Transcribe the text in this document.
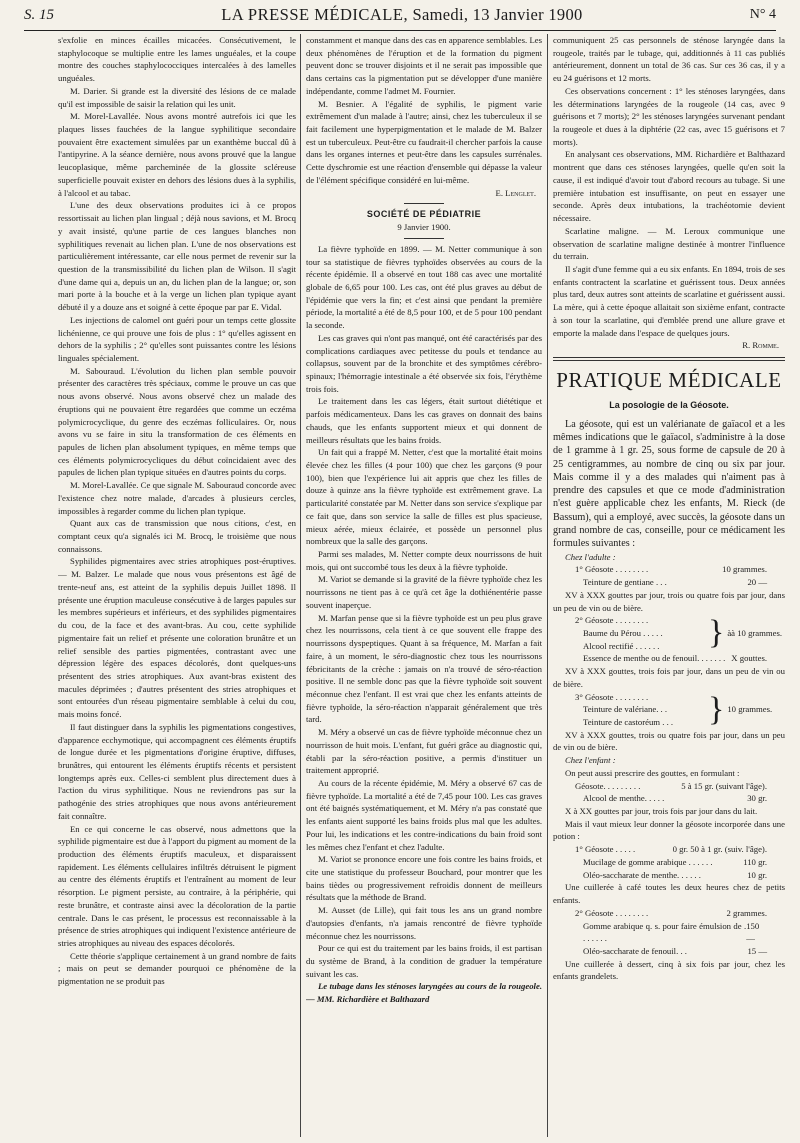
S. 15	LA PRESSE MÉDICALE, Samedi, 13 Janvier 1900	N° 4

s'exfolie en minces écailles micacées. Consécutivement, le staphylocoque se multiplie entre les lames unguéales, et la coupe montre des couches staphylococciques intercalées à des lamelles unguéales.

M. Darier. Si grande est la diversité des lésions de ce malade qu'il est impossible de saisir la relation qui les unit.

M. Morel-Lavallée. Nous avons montré autrefois ici que les plaques lisses fauchées de la langue syphilitique secondaire pouvaient être exactement simulées par un exanthème buccal dû à l'antipyrine. A la séance dernière, nous avons prouvé que la langue leucoplasique, même parcheminée de la glossite scléreuse superficielle pouvait exister en dehors des lésions dues à la syphilis, à l'alcool et au tabac.

L'une des deux observations produites ici à ce propos ressortissait au lichen plan lingual ; déjà nous savions, et M. Brocq y avait insisté, qu'une partie de ces langues blanches non syphilitiques revenait au lichen plan. L'une de nos observations est particulièrement intéressante, car elle nous permet de revenir sur la question de la transmissibilité du lichen plan de Wilson. Il s'agit d'une dame qui a, depuis un an, du lichen plan de la langue; or, son mari porte à la bouche et à la verge un lichen plan typique ayant débuté il y a douze ans et soigné à cette époque par par E. Vidal.

Les injections de calomel ont guéri pour un temps cette glossite lichénienne, ce qui prouve une fois de plus : 1° qu'elles agissent en dehors de la syphilis ; 2° qu'elles sont puissantes contre les lésions linguales spécialement.

M. Sabouraud. L'évolution du lichen plan semble pouvoir présenter des caractères très spéciaux, comme le prouve un cas que nous avons observé. Nous avons observé chez un malade des éruptions qui ne pouvaient être regardées que comme un eczéma polymicrocyclique, du genre des eczémas folliculaires. Or, nous avons vu se faire in situ la transformation de ces éléments en papules de lichen plan absolument typiques, en même temps que ces éléments polymicrocycliques du début coïncidaient avec des papules de lichen plan typique situées en d'autres points du corps.

M. Morel-Lavallée. Ce que signale M. Sabouraud concorde avec l'existence chez notre malade, d'arcades à plusieurs cercles, impossibles à regarder comme du lichen plan typique.

Quant aux cas de transmission que nous citions, c'est, en comptant ceux qu'a signalés ici M. Brocq, le troisième que nous connaissons.

Syphilides pigmentaires avec stries atrophiques post-éruptives. — M. Balzer. Le malade que nous vous présentons est âgé de trente-neuf ans, est atteint de la syphilis depuis Juillet 1898. Il présente une éruption maculeuse consécutive à de larges papules sur les membres supérieurs et inférieurs, et des syphilides pigmentaires du cou, de la face et des avant-bras. Au cou, cette syphilide pigmentaire fait un relief et présente une coloration brunâtre et un relief sensible des parties pigmentées, contrastant avec une dépression légère des espaces décolorés, dont quelques-uns présentent des stries atrophiques. Aux avant-bras existent des macules déprimées ; d'autres présentent des stries atrophiques et sont entourées d'un réseau pigmentaire semblable à celui du cou, mais moins foncé.

Il faut distinguer dans la syphilis les pigmentations congestives, d'apparence ecchymotique, qui accompagnent ces éléments éruptifs de longue durée et les pigmentations d'origine éruptive, diffuses, brunâtres, qui entourent les éléments éruptifs récents et persistent longtemps après eux. Celles-ci semblent plus directement dues à l'action du virus syphilitique. Nous ne reviendrons pas sur la pathogénie des stries atrophiques que nous avons antérieurement fait connaître.

En ce qui concerne le cas observé, nous admettons que la syphilide pigmentaire est due à l'apport du pigment au moment de la production des éléments éruptifs maculeux, et disparaissent rapidement. Les éléments cellulaires infiltrés détruisent le pigment au centre des éléments éruptifs et l'entraînent au moment de leur résorption. Le pigment persiste, au contraire, à la périphérie, qui reste brunâtre, et contraste ainsi avec la décoloration de la partie centrale. Dans le cas présent, le processus est reconnaissable à la présence de stries atrophiques qui indiquent l'existence antérieure de stries atrophiques au niveau des espaces décolorés.

Cette théorie s'applique certainement à un grand nombre de faits ; mais on peut se demander pourquoi ce phénomène de la pigmentation ne se produit pas

constamment et manque dans des cas en apparence semblables. Les deux phénomènes de l'éruption et de la formation du pigment peuvent donc se trouver disjoints et il ne serait pas impossible que dans certains cas la pigmentation put se développer d'une manière indépendante, comme l'admet M. Fournier.

M. Besnier. A l'égalité de syphilis, le pigment varie extrêmement d'un malade à l'autre; ainsi, chez les tuberculeux il se fait facilement une hyperpigmentation et le malade de M. Balzer est un tuberculeux. Peut-être cu faudrait-il chercher parfois la cause dans les organes internes et peut-être dans les capsules surrénales. Cette dyschromie est une réaction d'ensemble qui dépasse la valeur de l'élément spécifique considéré en lui-même.

E. Lenglet.

SOCIÉTÉ DE PÉDIATRIE

9 Janvier 1900.

La fièvre typhoïde en 1899. — M. Netter communique à son tour sa statistique de fièvres typhoïdes observées au cours de la récente épidémie. Il a observé en tout 188 cas avec une mortalité globale de 6,65 pour 100. Les cas, ont été plus graves au début de l'épidémie que vers la fin; et c'est ainsi que pendant la première période, la mortalité a été de 8,5 pour 100, et de 5 pour 100 pendant la seconde.

Les cas graves qui n'ont pas manqué, ont été caractérisés par des complications cardiaques avec petitesse du pouls et tendance au collapsus, souvent par de la bronchite et des symptômes cérébro-spinaux; l'hémorragie intestinale a été observée six fois, l'érythème trois fois.

Le traitement dans les cas légers, était surtout diététique et parfois médicamenteux. Dans les cas graves on donnait des bains chauds, que les enfants supportent mieux et qui donnent de meilleurs résultats que les bains froids.

Un fait qui a frappé M. Netter, c'est que la mortalité était moins élevée chez les filles (4 pour 100) que chez les garçons (9 pour 100), bien que l'expérience lui ait appris que chez les filles de douze à quinze ans la fièvre typhoïde est extrêmement grave. La particularité constatée par M. Netter dans son service s'explique par ce fait que, dans son service la salle de filles est plus spacieuse, mieux aérée, mieux éclairée, et possède un personnel plus nombreux que la salle des garçons.

Parmi ses malades, M. Netter compte deux nourrissons de huit mois, qui ont succombé tous les deux à la fièvre typhoïde.

M. Variot se demande si la gravité de la fièvre typhoïde chez les nourrissons ne tient pas à ce qu'à cet âge la dothiénentérie passe souvent inaperçue.

M. Marfan pense que si la fièvre typhoïde est un peu plus grave chez les nourrissons, cela tient à ce que souvent elle frappe des nourrissons dyspeptiques. Quant à sa fréquence, M. Marfan a fait faire, à un moment, le séro-diagnostic chez tous les nourrissons fébricitants de la crèche : jamais on n'a trouvé de séro-réaction positive. Il ne semble donc pas que la fièvre typhoïde soit souvent méconnue chez l'enfant. Il est vrai que chez les enfants atteints de fièvre typhoïde, la séro-réaction n'apparait généralement que très tard.

M. Méry a observé un cas de fièvre typhoïde méconnue chez un nourrisson de huit mois. L'enfant, fut guéri grâce au diagnostic qui, établi par la séro-réaction positive, a permis d'instituer un traitement approprié.

Au cours de la récente épidémie, M. Méry a observé 67 cas de fièvre typhoïde. La mortalité a été de 7,45 pour 100. Les cas graves ont été baignés systématiquement, et M. Méry n'a pas constaté que les enfants aient supporté les bains froids plus mal que les adultes. Pour lui, les indications et les contre-indications du bain froid sont les mêmes chez l'enfant et chez l'adulte.

M. Variot se prononce encore une fois contre les bains froids, et cite une statistique du professeur Bouchard, pour montrer que les bains tièdes ou progressivement refroidis donnent de meilleurs résultats que la méthode de Brand.

M. Ausset (de Lille), qui fait tous les ans un grand nombre d'autopsies d'enfants, n'a jamais rencontré de fièvre typhoïde méconnue chez les nourrissons.

Pour ce qui est du traitement par les bains froids, il est partisan du système de Brand, à la condition de graduer la température suivant les cas.

Le tubage dans les sténoses laryngées au cours de la rougeole. — MM. Richardière et Balthazard

communiquent 25 cas personnels de sténose laryngée dans la rougeole, traités par le tubage, qui, additionnés à 11 cas publiés antérieurement, donnent un total de 36 cas. Sur ces 36 cas, il y a eu 24 guérisons et 12 morts.

Ces observations concernent : 1° les sténoses laryngées, dans les déterminations laryngées de la rougeole (14 cas, avec 9 guérisons et 7 morts); 2° les sténoses laryngées survenant pendant la rougeole et dues à la diphtérie (22 cas, avec 15 guérisons et 7 morts).

En analysant ces observations, MM. Richardière et Balthazard montrent que dans ces sténoses laryngées, quelle qu'en soit la cause, il est indiqué d'avoir tout d'abord recours au tubage. Si une première intubation est insuffisante, on peut en essayer une seconde. Après deux intubations, la trachéotomie devient nécessaire.

Scarlatine maligne. — M. Leroux communique une observation de scarlatine maligne destinée à montrer l'influence du terrain.

Il s'agit d'une femme qui a eu six enfants. En 1894, trois de ses enfants contractent la scarlatine et guérissent tous. Deux années plus tard, deux autres sont atteints de scarlatine et guérissent aussi. La mère, qui à cette époque allaitait son sixième enfant, contracte à son tour la scarlatine, qui d'emblée prend une allure grave et emporte la malade dans l'espace de quelques jours.

R. Romme.

PRATIQUE MÉDICALE

La posologie de la Géosote.

La géosote, qui est un valérianate de gaïacol et a les mêmes indications que le gaïacol, s'administre à la dose de 1 gramme à 1 gr. 25, sous forme de capsule de 20 à 25 centigrammes, au nombre de cinq ou six par jour. Mais comme il y a des malades qui n'aiment pas à prendre des capsules et que ce mode d'administration n'est guère applicable chez les enfants, M. Rieck (de Bassum), qui a employé, avec succès, la géosote dans un grand nombre de cas, conseille, pour ce médicament les formules suivantes :

Chez l'adulte :

1° Géosote . . . . . . . .	10 grammes.
Teinture de gentiane . . .	20 —

XV à XXX gouttes par jour, trois ou quatre fois par jour, dans un peu de vin ou de bière.

2° Géosote . . . . . . . .
Baume du Pérou . . . . .
Alcool rectifié . . . . . .	} àà 10 grammes.
Essence de menthe ou de fenouil. . . . . . . X gouttes.

XV à XXX gouttes, trois fois par jour, dans un peu de vin ou de bière.

3° Géosote . . . . . . . .
Teinture de valériane. . .
Teinture de castoréum . . .	} 10 grammes.

XV à XXX gouttes, trois ou quatre fois par jour, dans un peu de vin ou de bière.

Chez l'enfant :

On peut aussi prescrire des gouttes, en formulant :

Géosote. . . . . . . . .	5 à 15 gr. (suivant l'âge).
Alcool de menthe. . . . .	30 gr.

X à XX gouttes par jour, trois fois par jour dans du lait.

Mais il vaut mieux leur donner la géosote incorporée dans une potion :

1° Géosote . . . . .	0 gr. 50 à 1 gr. (suiv. l'âge).
Mucilage de gomme arabique . . . . . .	110 gr.
Oléo-saccharate de menthe. . . . . .	10 gr.

Une cuillerée à café toutes les deux heures chez de petits enfants.

2° Géosote . . . . . . . .	2 grammes.
Gomme arabique q. s. pour faire émulsion de . . . . . . .
150 —
Oléo-saccharate de fenouil. . .	15 —

Une cuillerée à dessert, cinq à six fois par jour, chez les enfants grandelets.
